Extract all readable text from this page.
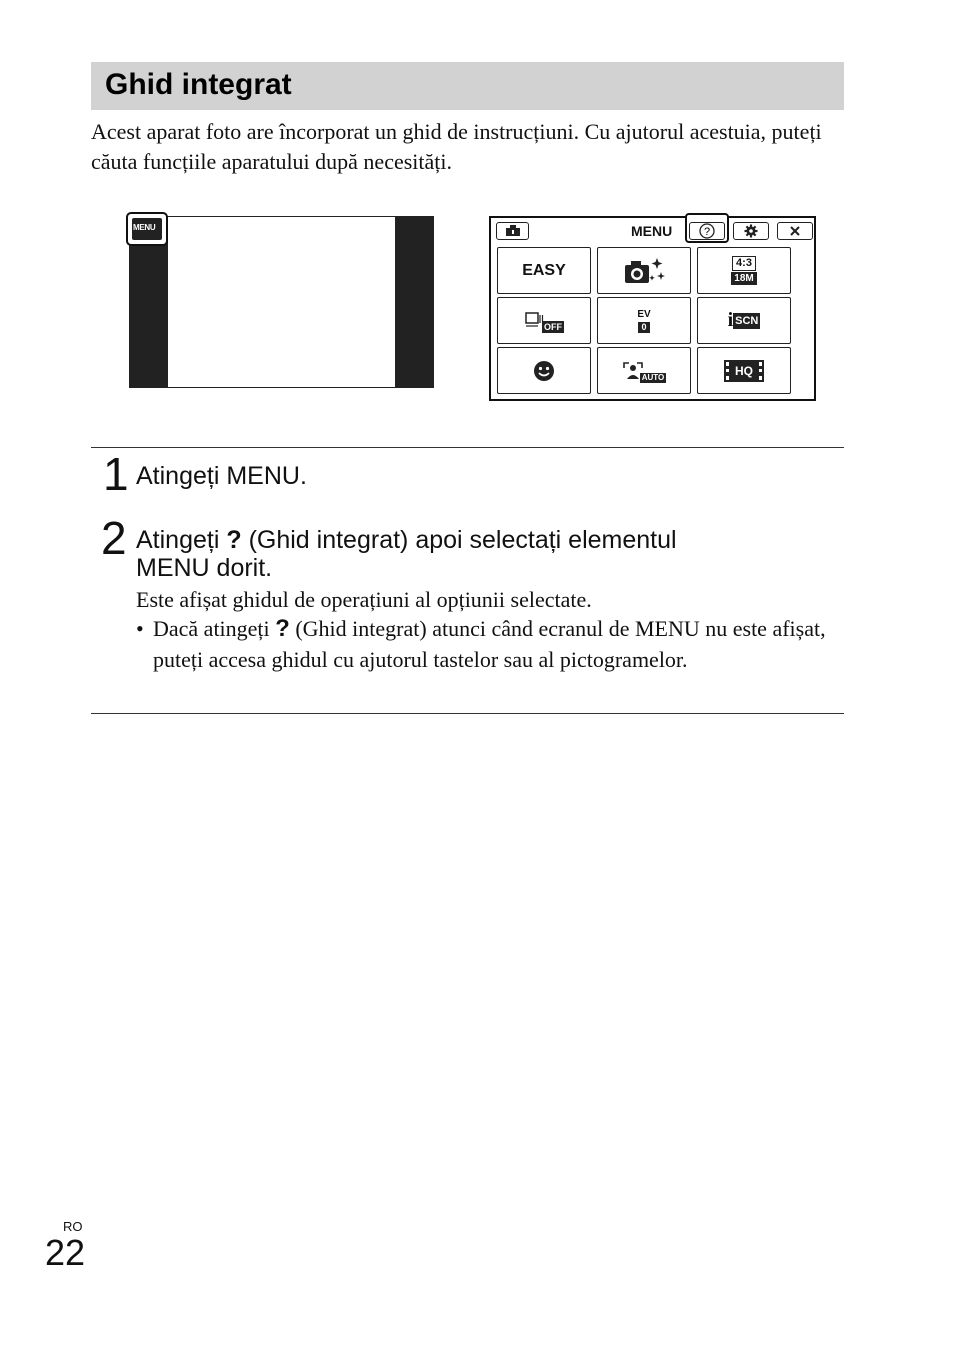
Ghid integrat

Acest aparat foto are încorporat un ghid de instrucțiuni. Cu ajutorul acestuia, puteți căuta funcțiile aparatului după necesități.

MENU	MENU	?
EASY	4:3
18M
OFF
EV
0	i SCN
AUTO	HQ
1 Atingeți MENU.

2 Atingeți ? (Ghid integrat) apoi selectați elementul
MENU dorit.

Este afișat ghidul de operațiuni al opțiunii selectate.

• Dacă atingeți ? (Ghid integrat) atunci când ecranul de MENU nu este afișat, puteți accesa ghidul cu ajutorul tastelor sau al pictogramelor.
RO
22
